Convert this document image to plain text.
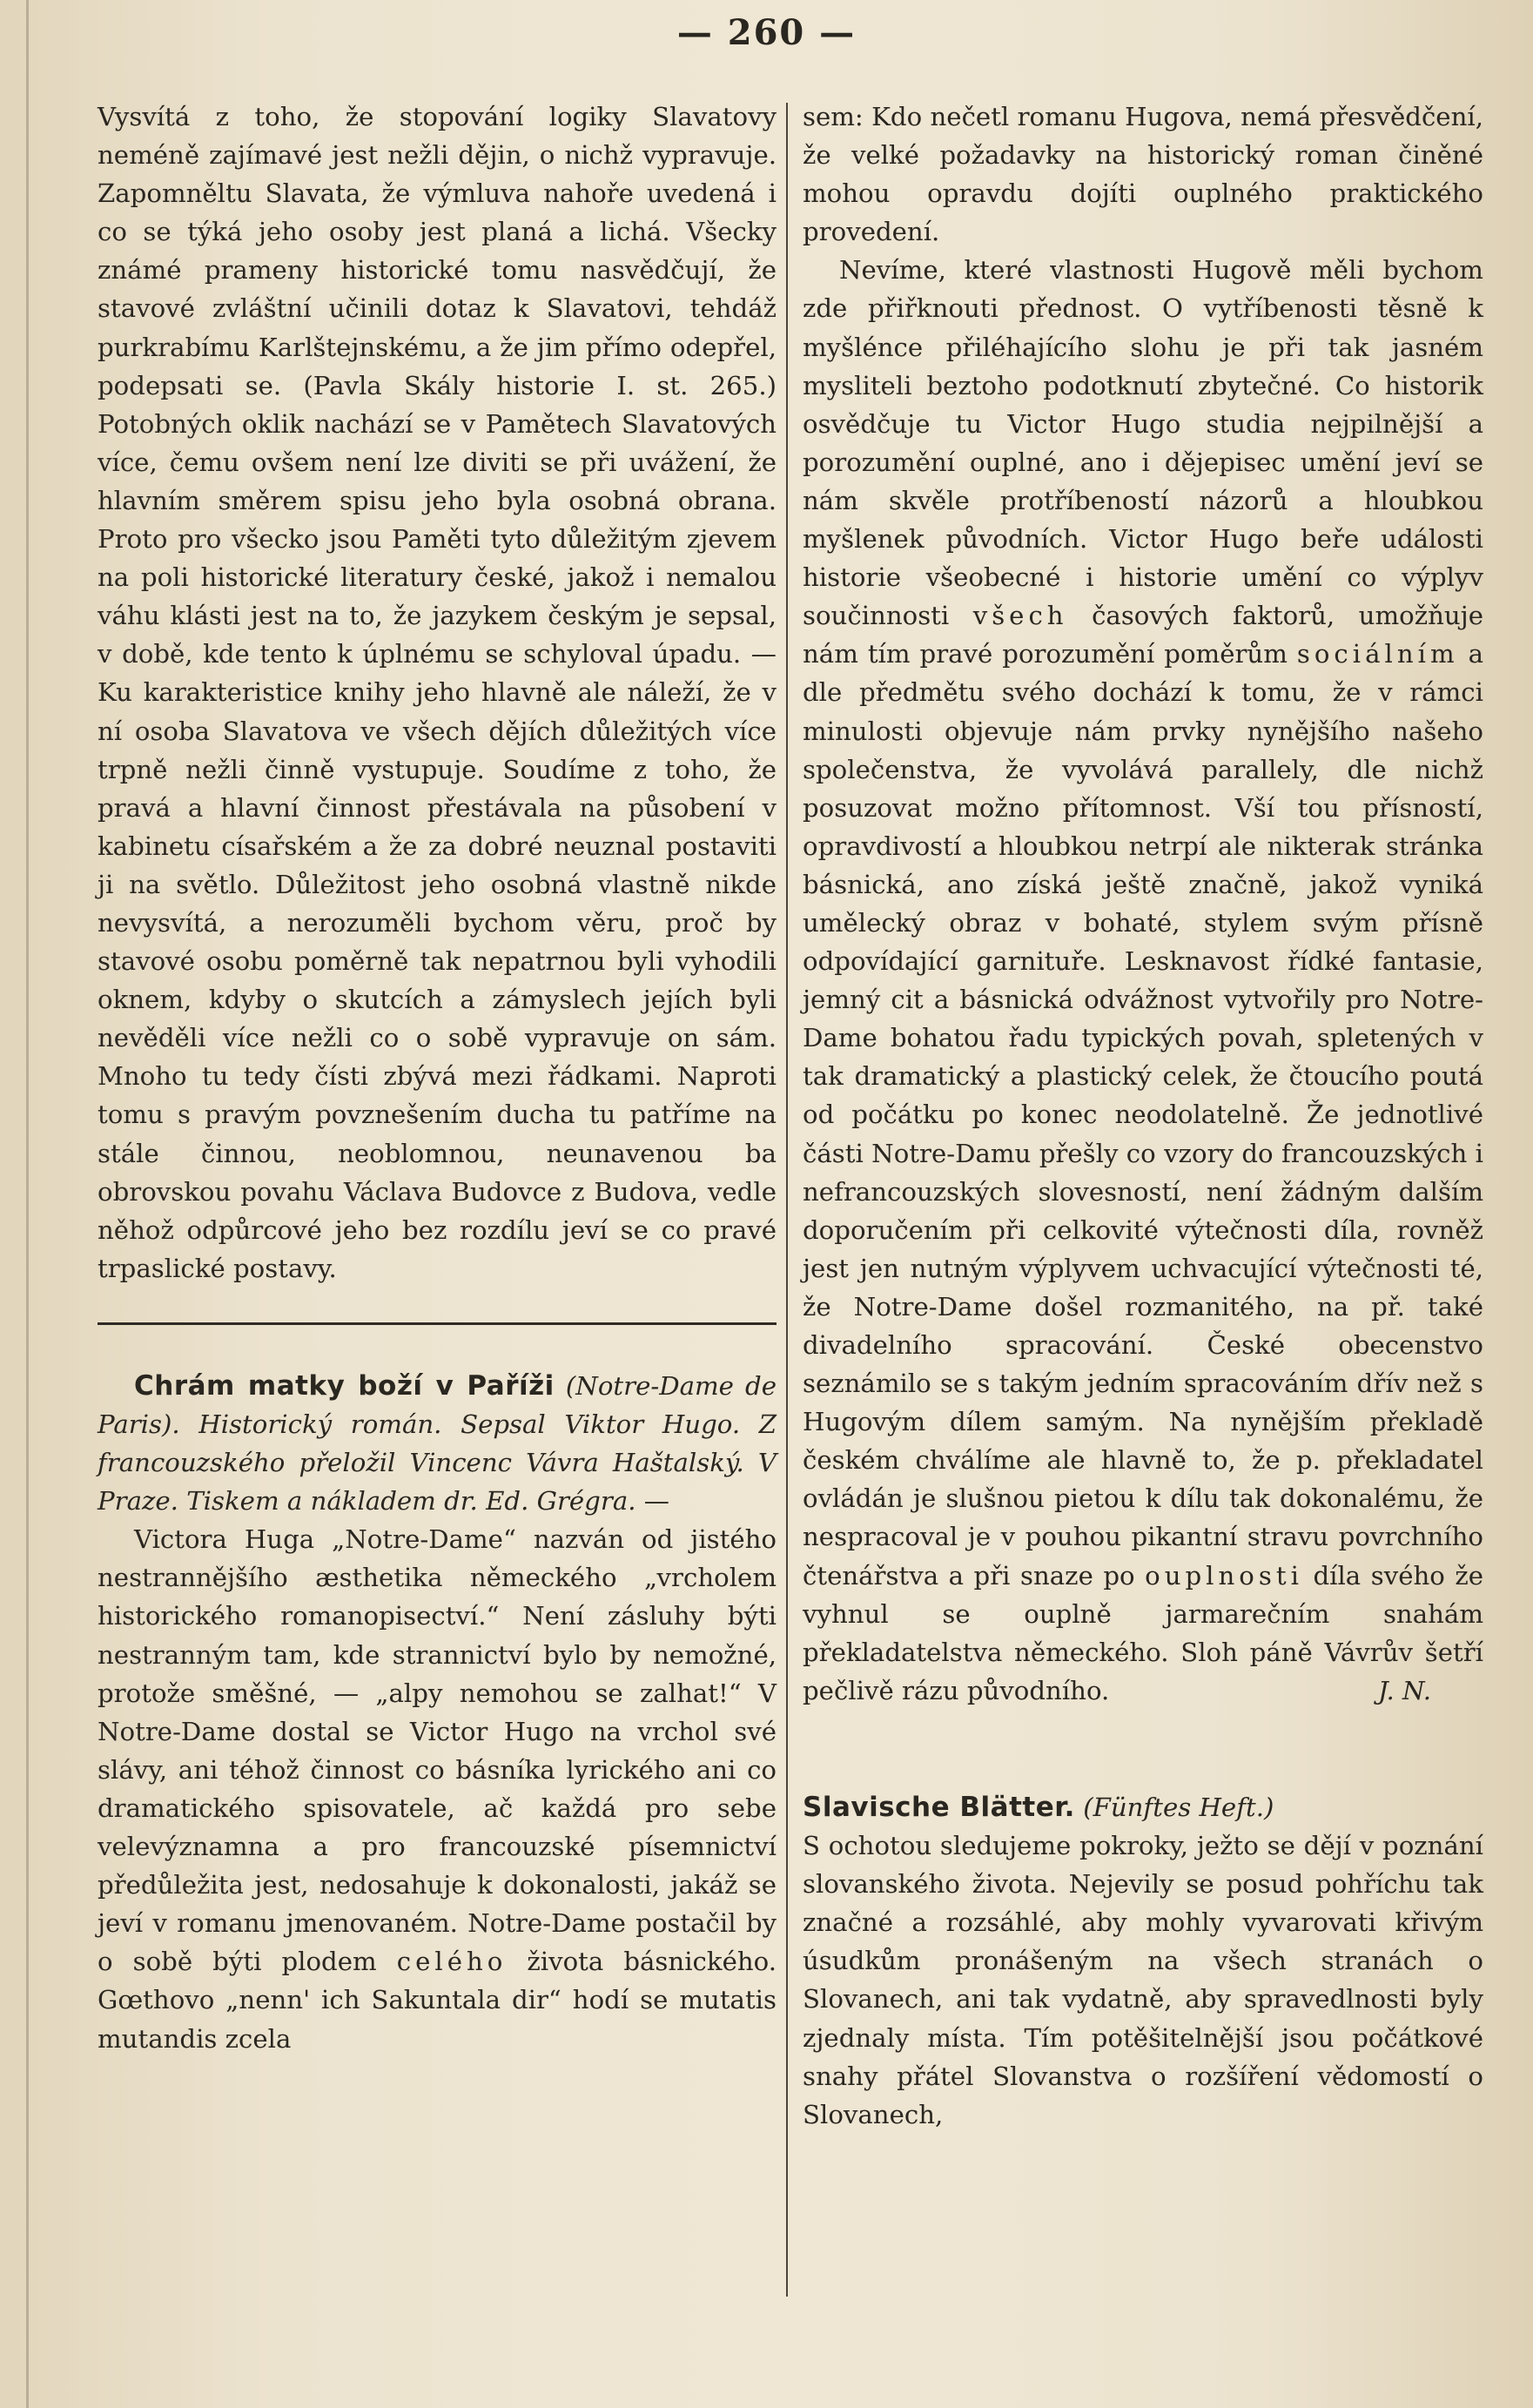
— 260 —

Vysvítá z toho, že stopování logiky Slavatovy neméně zajímavé jest nežli dějin, o nichž vypravuje. Zapomněltu Slavata, že výmluva nahoře uvedená i co se týká jeho osoby jest planá a lichá. Všecky známé prameny historické tomu nasvědčují, že stavové zvláštní učinili dotaz k Slavatovi, tehdáž purkrabímu Karlštejnskému, a že jim přímo odepřel, podepsati se. (Pavla Skály historie I. st. 265.) Potobných oklik nachází se v Pamětech Slavatových více, čemu ovšem není lze diviti se při uvážení, že hlavním směrem spisu jeho byla osobná obrana. Proto pro všecko jsou Paměti tyto důležitým zjevem na poli historické literatury české, jakož i nemalou váhu klásti jest na to, že jazykem českým je sepsal, v době, kde tento k úplnému se schyloval úpadu. — Ku karakteristice knihy jeho hlavně ale náleží, že v ní osoba Slavatova ve všech dějích důležitých více trpně nežli činně vystupuje. Soudíme z toho, že pravá a hlavní činnost přestávala na působení v kabinetu císařském a že za dobré neuznal postaviti ji na světlo. Důležitost jeho osobná vlastně nikde nevysvítá, a nerozuměli bychom věru, proč by stavové osobu poměrně tak nepatrnou byli vyhodili oknem, kdyby o skutcích a zámyslech jejích byli nevěděli více nežli co o sobě vypravuje on sám. Mnoho tu tedy čísti zbývá mezi řádkami. Naproti tomu s pravým povznešením ducha tu patříme na stále činnou, neoblomnou, neunavenou ba obrovskou povahu Václava Budovce z Budova, vedle něhož odpůrcové jeho bez rozdílu jeví se co pravé trpaslické postavy.

Chrám matky boží v Paříži (Notre-Dame de Paris). Historický román. Sepsal Viktor Hugo. Z francouzského přeložil Vincenc Vávra Haštalský. V Praze. Tiskem a nákladem dr. Ed. Grégra. —

Victora Huga „Notre-Dame“ nazván od jistého nestrannějšího æsthetika německého „vrcholem historického romanopisectví.“ Není zásluhy býti nestranným tam, kde strannictví bylo by nemožné, protože směšné, — „alpy nemohou se zalhat!“ V Notre-Dame dostal se Victor Hugo na vrchol své slávy, ani téhož činnost co básníka lyrického ani co dramatického spisovatele, ač každá pro sebe velevýznamna a pro francouzské písemnictví předůležita jest, nedosahuje k dokonalosti, jakáž se jeví v romanu jmenovaném. Notre-Dame postačil by o sobě býti plodem celého života básnického. Gœthovo „nenn' ich Sakuntala dir“ hodí se mutatis mutandis zcela

sem: Kdo nečetl romanu Hugova, nemá přesvědčení, že velké požadavky na historický roman činěné mohou opravdu dojíti ouplného praktického provedení.

Nevíme, které vlastnosti Hugově měli bychom zde přiřknouti přednost. O vytříbenosti těsně k myšlénce přiléhajícího slohu je při tak jasném mysliteli beztoho podotknutí zbytečné. Co historik osvědčuje tu Victor Hugo studia nejpilnější a porozumění ouplné, ano i dějepisec umění jeví se nám skvěle protříbeností názorů a hloubkou myšlenek původních. Victor Hugo beře události historie všeobecné i historie umění co výplyv součinnosti všech časových faktorů, umožňuje nám tím pravé porozumění poměrům sociálním a dle předmětu svého dochází k tomu, že v rámci minulosti objevuje nám prvky nynějšího našeho společenstva, že vyvolává parallely, dle nichž posuzovat možno přítomnost. Vší tou přísností, opravdivostí a hloubkou netrpí ale nikterak stránka básnická, ano získá ještě značně, jakož vyniká umělecký obraz v bohaté, stylem svým přísně odpovídající garnituře. Lesknavost řídké fantasie, jemný cit a básnická odvážnost vytvořily pro Notre-Dame bohatou řadu typických povah, spletených v tak dramatický a plastický celek, že čtoucího poutá od počátku po konec neodolatelně. Že jednotlivé části Notre-Damu přešly co vzory do francouzských i nefrancouzských slovesností, není žádným dalším doporučením při celkovité výtečnosti díla, rovněž jest jen nutným výplyvem uchvacující výtečnosti té, že Notre-Dame došel rozmanitého, na př. také divadelního spracování. České obecenstvo seznámilo se s takým jedním spracováním dřív než s Hugovým dílem samým. Na nynějším překladě českém chválíme ale hlavně to, že p. překladatel ovládán je slušnou pietou k dílu tak dokonalému, že nespracoval je v pouhou pikantní stravu povrchního čtenářstva a při snaze po ouplnosti díla svého že vyhnul se ouplně jarmarečním snahám překladatelstva německého. Sloh páně Vávrův šetří pečlivě rázu původního.	J. N.

Slavische Blätter. (Fünftes Heft.)

S ochotou sledujeme pokroky, ježto se dějí v poznání slovanského života. Nejevily se posud pohříchu tak značné a rozsáhlé, aby mohly vyvarovati křivým úsudkům pronášeným na všech stranách o Slovanech, ani tak vydatně, aby spravedlnosti byly zjednaly místa. Tím potěšitelnější jsou počátkové snahy přátel Slovanstva o rozšíření vědomostí o Slovanech,
